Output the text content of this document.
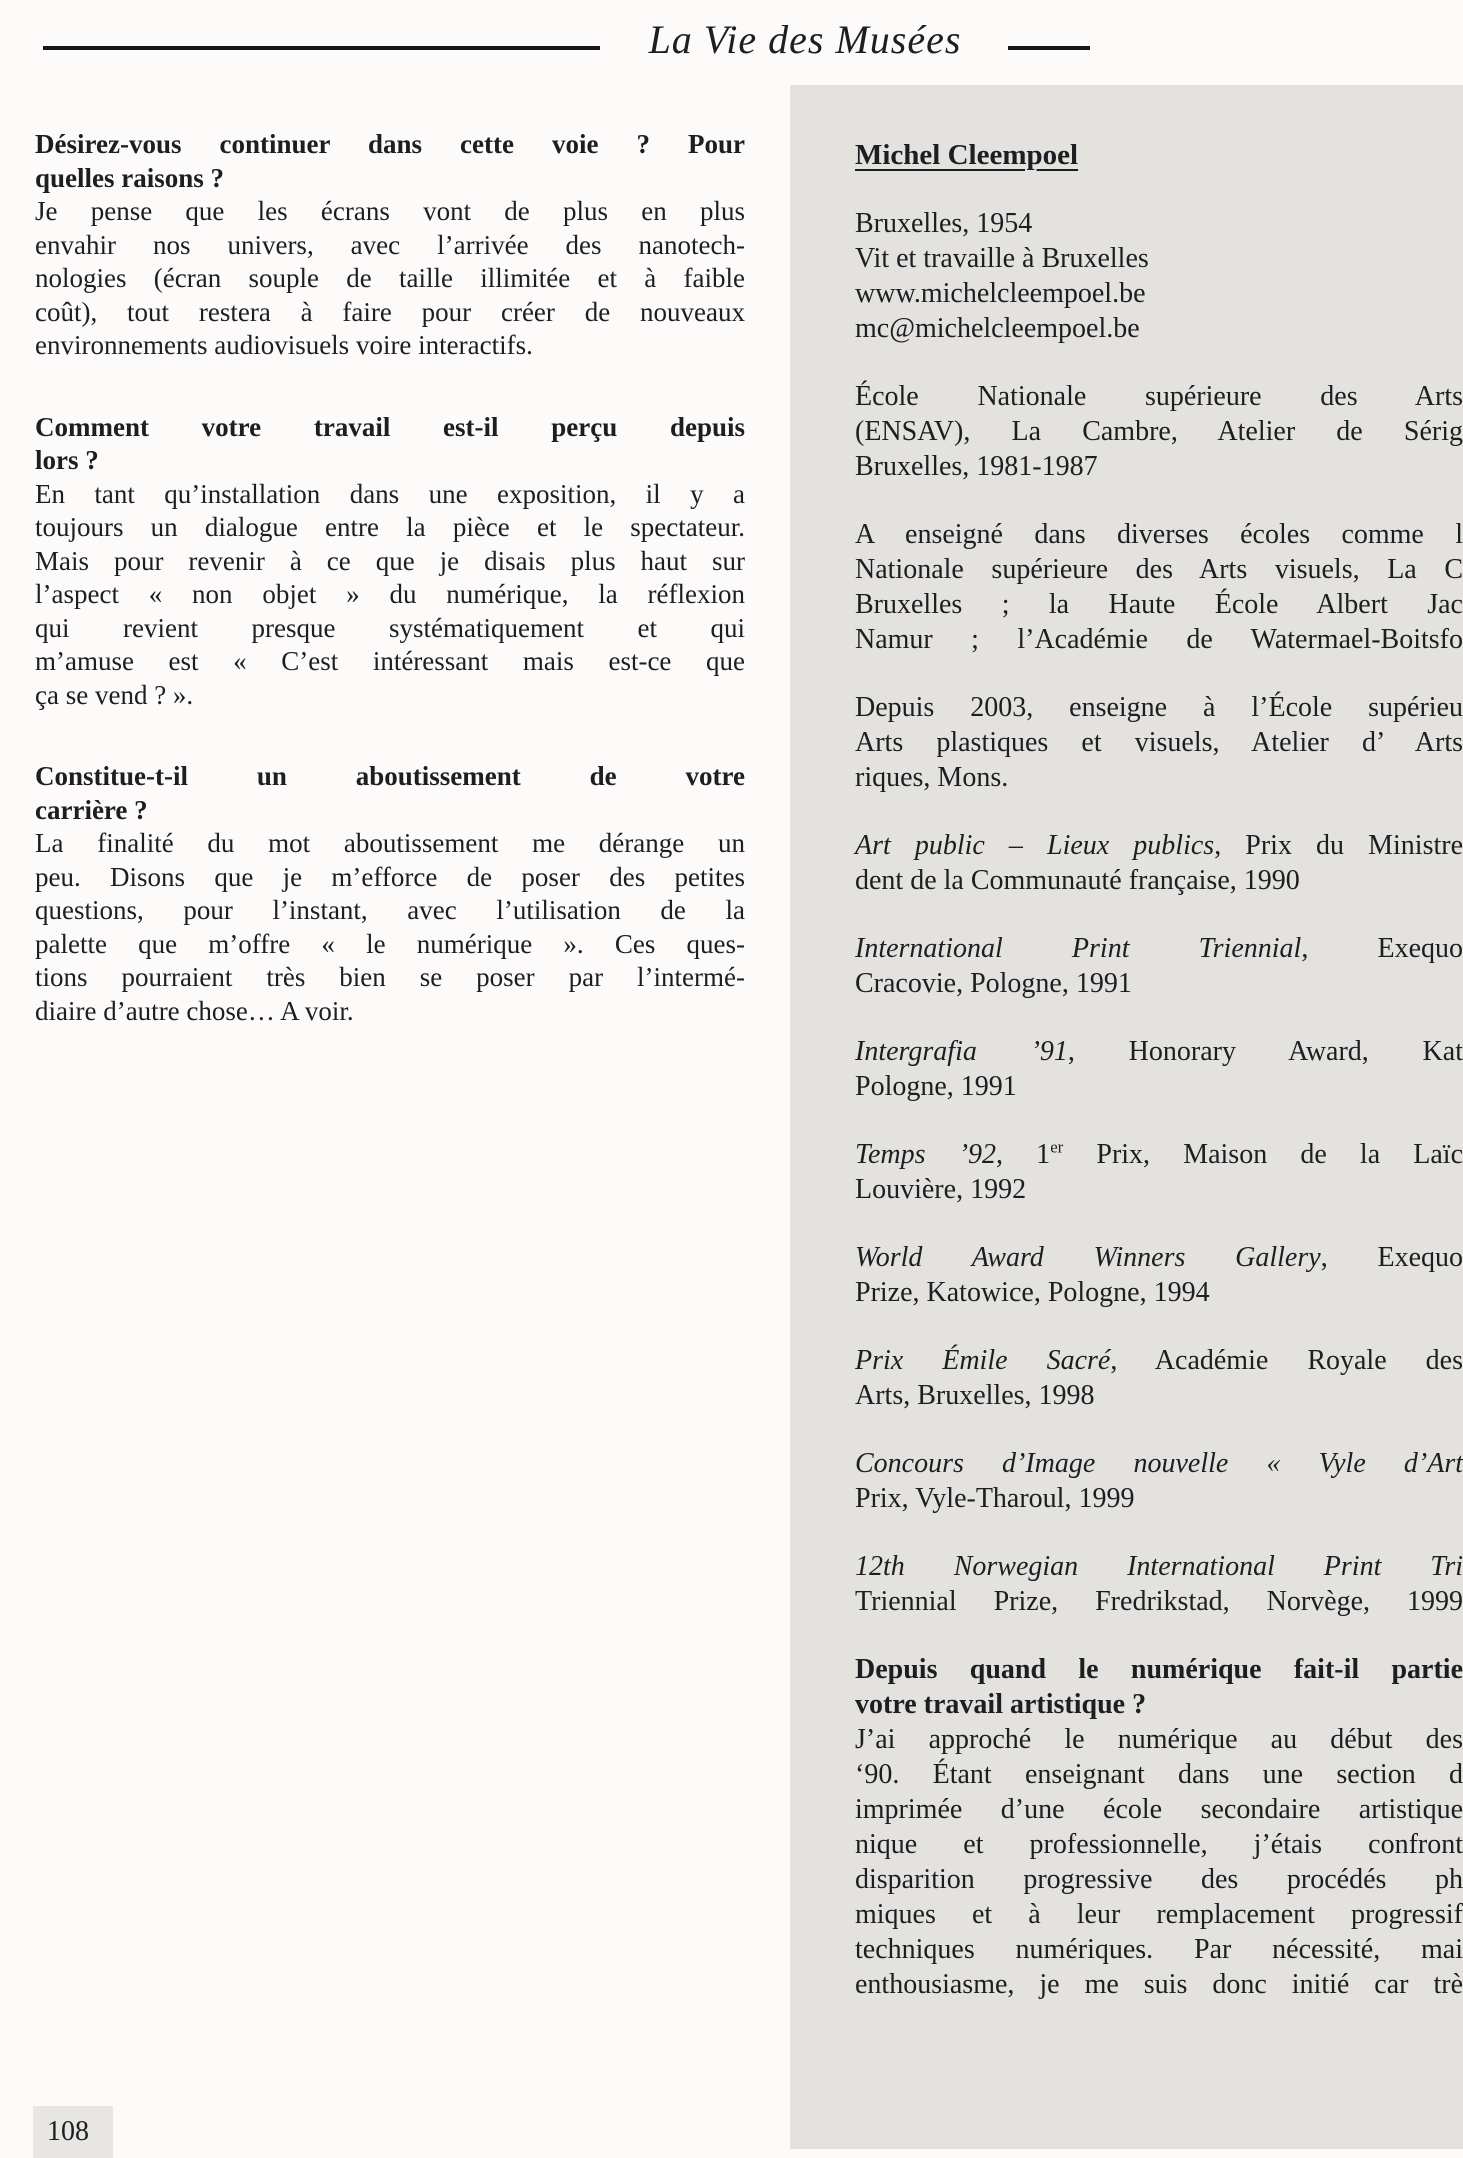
La Vie des Musées
Désirez-vous continuer dans cette voie ? Pour
quelles raisons ?
Je pense que les écrans vont de plus en plus
envahir nos univers, avec l’arrivée des nanotech-
nologies (écran souple de taille illimitée et à faible
coût), tout restera à faire pour créer de nouveaux
environnements audiovisuels voire interactifs.
Comment votre travail est-il perçu depuis
lors ?
En tant qu’installation dans une exposition, il y a
toujours un dialogue entre la pièce et le spectateur.
Mais pour revenir à ce que je disais plus haut sur
l’aspect « non objet » du numérique, la réflexion
qui revient presque systématiquement et qui
m’amuse est « C’est intéressant mais est-ce que
ça se vend ? ».
Constitue-t-il un aboutissement de votre
carrière ?
La finalité du mot aboutissement me dérange un
peu. Disons que je m’efforce de poser des petites
questions, pour l’instant, avec l’utilisation de la
palette que m’offre « le numérique ». Ces ques-
tions pourraient très bien se poser par l’intermé-
diaire d’autre chose… A voir.
Michel Cleempoel
Bruxelles, 1954
Vit et travaille à Bruxelles
www.michelcleempoel.be
mc@michelcleempoel.be
École Nationale supérieure des Arts
(ENSAV), La Cambre, Atelier de Sérig
Bruxelles, 1981-1987
A enseigné dans diverses écoles comme l
Nationale supérieure des Arts visuels, La C
Bruxelles ; la Haute École Albert Jac
Namur ; l’Académie de Watermael-Boitsfo
Depuis 2003, enseigne à l’École supérieu
Arts plastiques et visuels, Atelier d’ Arts
riques, Mons.
Art public – Lieux publics, Prix du Ministre
dent de la Communauté française, 1990
International Print Triennial, Exequo
Cracovie, Pologne, 1991
Intergrafia ’91, Honorary Award, Kat
Pologne, 1991
Temps ’92, 1er Prix, Maison de la Laïc
Louvière, 1992
World Award Winners Gallery, Exequo
Prize, Katowice, Pologne, 1994
Prix Émile Sacré, Académie Royale des
Arts, Bruxelles, 1998
Concours d’Image nouvelle « Vyle d’Art
Prix, Vyle-Tharoul, 1999
12th Norwegian International Print Tri
Triennial Prize, Fredrikstad, Norvège, 1999
Depuis quand le numérique fait-il partie
votre travail artistique ?
J’ai approché le numérique au début des
‘90. Étant enseignant dans une section d
imprimée d’une école secondaire artistique
nique et professionnelle, j’étais confront
disparition progressive des procédés ph
miques et à leur remplacement progressif
techniques numériques. Par nécessité, mai
enthousiasme, je me suis donc initié car trè
108
